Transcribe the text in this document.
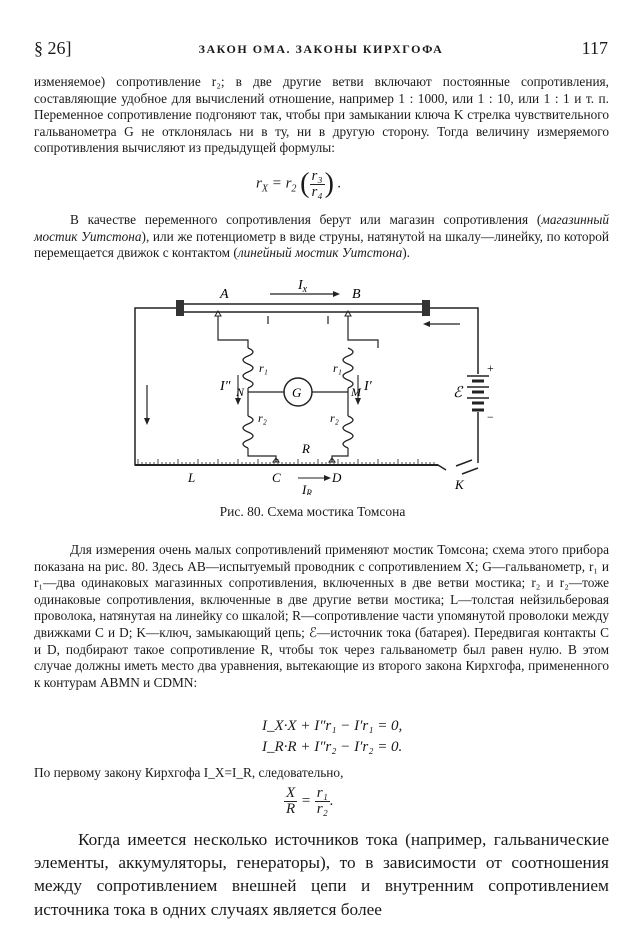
§ 26]	ЗАКОН ОМА. ЗАКОНЫ КИРХГОФА	117

изменяемое) сопротивление r₂; в две другие ветви включают постоянные сопротивления, составляющие удобное для вычислений отношение, например 1 : 1000, или 1 : 10, или 1 : 1 и т. п. Переменное сопротивление подгоняют так, чтобы при замыкании ключа K стрелка чувствительного гальванометра G не отклонялась ни в ту, ни в другую сторону. Тогда величину измеряемого сопротивления вычисляют из предыдущей формулы:

$r_X = r_2$ ( $\frac{\text{r₃}}{\text{r₄}}$ ) .

В качестве переменного сопротивления берут или магазин сопротивления (магазинный мостик Уитстона), или же потенциометр в виде струны, натянутой на шкалу—линейку, по которой перемещается движок с контактом (линейный мостик Уитстона).

A	B
$I_x$
r₁	r₁
r₂	r₂
G
N	M
I″	I′
R
L	C	D
IR
ℰ
+
−
K
Рис. 80. Схема мостика Томсона

Для измерения очень малых сопротивлений применяют мостик Томсона; схема этого прибора показана на рис. 80. Здесь AB—испытуемый проводник с сопротивлением X; G—гальванометр, r₁ и r₁—два одинаковых магазинных сопротивления, включенных в две ветви мостика; r₂ и r₂—тоже одинаковые сопротивления, включенные в две другие ветви мостика; L—толстая нейзильберовая проволока, натянутая на линейку со шкалой; R—сопротивление части упомянутой проволоки между движками C и D; K—ключ, замыкающий цепь; ℰ—источник тока (батарея). Передвигая контакты C и D, подбирают такое сопротивление R, чтобы ток через гальванометр был равен нулю. В этом случае должны иметь место два уравнения, вытекающие из второго закона Кирхгофа, примененного к контурам ABMN и CDMN:

I_X·X + I″r₁ − I′r₁ = 0,
I_R·R + I″r₂ − I′r₂ = 0.

По первому закону Кирхгофа I_X=I_R, следовательно,

$\frac{X}{R} = \frac{\text{r₁}}{\text{r₂}}$ .

Когда имеется несколько источников тока (например, гальванические элементы, аккумуляторы, генераторы), то в зависимости от соотношения между сопротивлением внешней цепи и внутренним сопротивлением источника тока в одних случаях является более
